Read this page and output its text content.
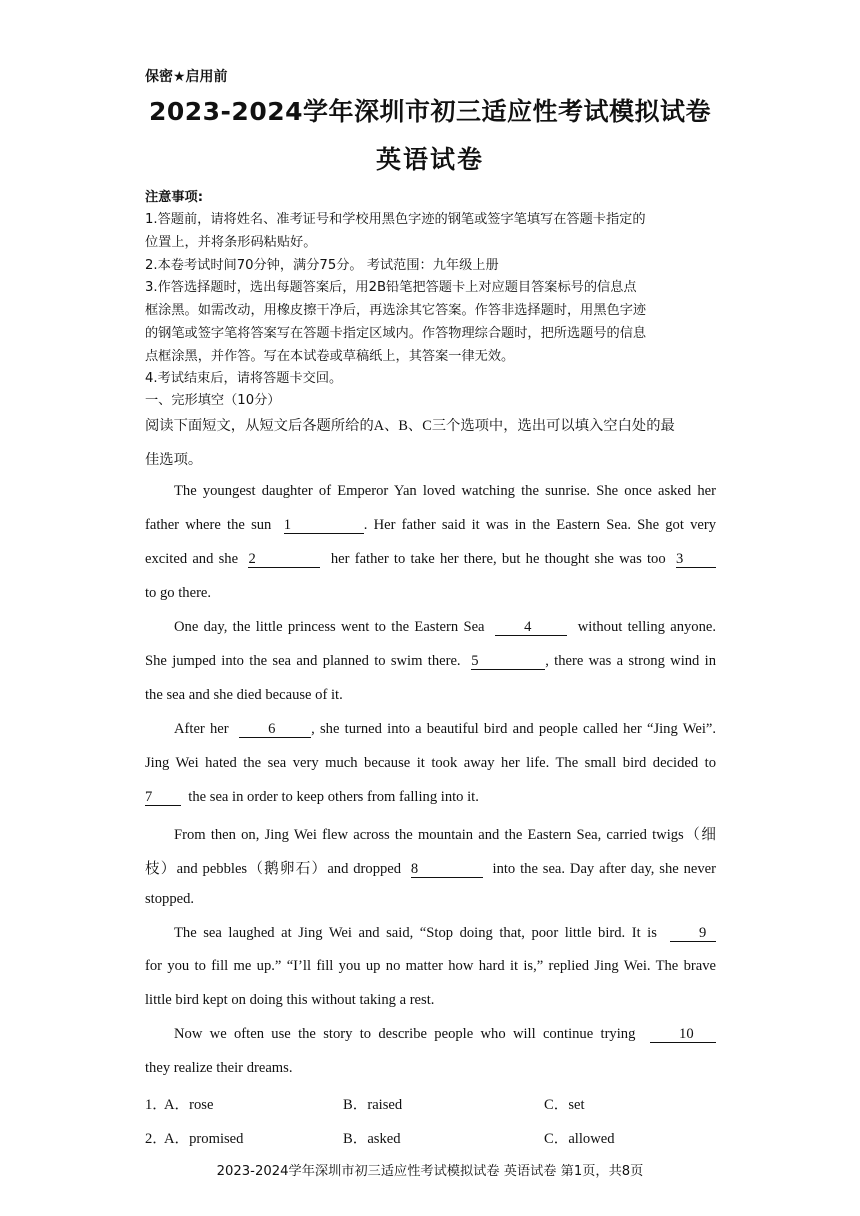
保密★启用前
2023-2024学年深圳市初三适应性考试模拟试卷
英语试卷
注意事项:
1.答题前，请将姓名、准考证号和学校用黑色字迹的钢笔或签字笔填写在答题卡指定的
位置上，并将条形码粘贴好。
2.本卷考试时间70分钟，满分75分。 考试范围：九年级上册
3.作答选择题时，选出每题答案后，用2B铅笔把答题卡上对应题目答案标号的信息点
框涂黑。如需改动，用橡皮擦干净后，再选涂其它答案。作答非选择题时，用黑色字迹
的钢笔或签字笔将答案写在答题卡指定区域内。作答物理综合题时，把所选题号的信息
点框涂黑，并作答。写在本试卷或草稿纸上，其答案一律无效。
4.考试结束后，请将答题卡交回。
一、完形填空（10分）
阅读下面短文，从短文后各题所给的A、B、C三个选项中，选出可以填入空白处的最
佳选项。
The youngest daughter of Emperor Yan loved watching the sunrise. She once asked her
father where the sun 1	. Her father said it was in the Eastern Sea. She got very
excited and she 2	her father to take her there, but he thought she was too 3
to go there.
One day, the little princess went to the Eastern Sea	4	without telling anyone.
She jumped into the sea and planned to swim there. 5	, there was a strong wind in
the sea and she died because of it.
After her	6 , she turned into a beautiful bird and people called her “Jing Wei”.
Jing Wei hated the sea very much because it took away her life. The small bird decided to
7 the sea in order to keep others from falling into it.
From then on, Jing Wei flew across the mountain and the Eastern Sea, carried twigs（细
枝）and pebbles（鹅卵石）and dropped 8	into the sea. Day after day, she never
stopped.
The sea laughed at Jing Wei and said, “Stop doing that, poor little bird. It is	9
for you to fill me up.” “I’ll fill you up no matter how hard it is,” replied Jing Wei. The brave
little bird kept on doing this without taking a rest.
Now we often use the story to describe people who will continue trying	10
they realize their dreams.
1．
A．rose	B．raised	C．set
2．
A．promised	B．asked	C．allowed
2023-2024学年深圳市初三适应性考试模拟试卷 英语试卷 第1页，共8页
